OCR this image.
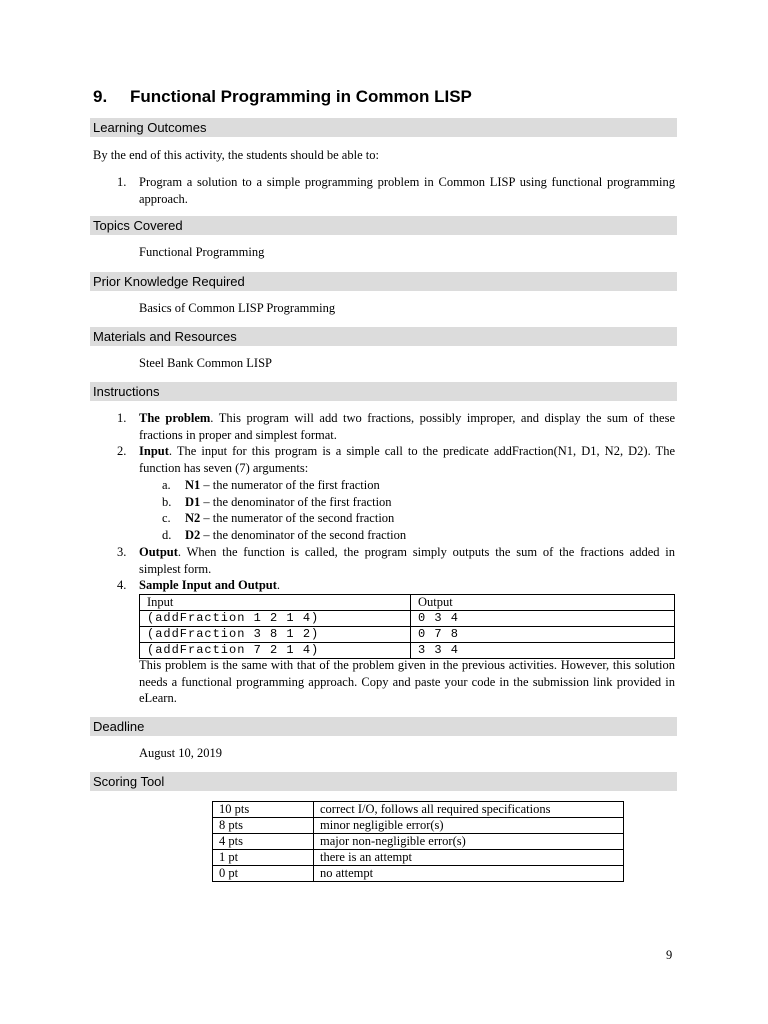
9. Functional Programming in Common LISP
Learning Outcomes
By the end of this activity, the students should be able to:
1. Program a solution to a simple programming problem in Common LISP using functional programming approach.
Topics Covered
Functional Programming
Prior Knowledge Required
Basics of Common LISP Programming
Materials and Resources
Steel Bank Common LISP
Instructions
1. The problem. This program will add two fractions, possibly improper, and display the sum of these fractions in proper and simplest format.
2. Input. The input for this program is a simple call to the predicate addFraction(N1, D1, N2, D2). The function has seven (7) arguments:
a. N1 – the numerator of the first fraction
b. D1 – the denominator of the first fraction
c. N2 – the numerator of the second fraction
d. D2 – the denominator of the second fraction
3. Output. When the function is called, the program simply outputs the sum of the fractions added in simplest form.
4. Sample Input and Output.
Input	Output
(addFraction 1 2 1 4)	0 3 4
(addFraction 3 8 1 2)	0 7 8
(addFraction 7 2 1 4)	3 3 4
This problem is the same with that of the problem given in the previous activities. However, this solution needs a functional programming approach. Copy and paste your code in the submission link provided in eLearn.
Deadline
August 10, 2019
Scoring Tool
10 pts	correct I/O, follows all required specifications
8 pts	minor negligible error(s)
4 pts	major non-negligible error(s)
1 pt	there is an attempt
0 pt	no attempt
9
